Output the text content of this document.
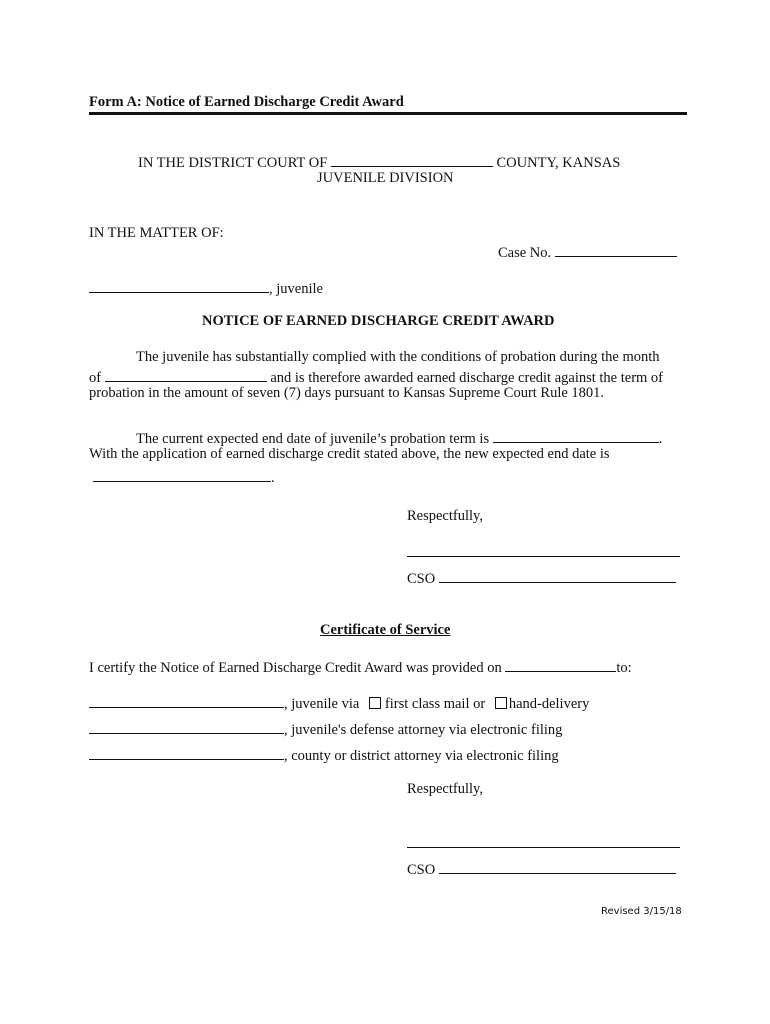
Form A: Notice of Earned Discharge Credit Award
IN THE DISTRICT COURT OF	COUNTY, KANSAS
JUVENILE DIVISION
IN THE MATTER OF:
Case No.
, juvenile
NOTICE OF EARNED DISCHARGE CREDIT AWARD
The juvenile has substantially complied with the conditions of probation during the month
of	and is therefore awarded earned discharge credit against the term of
probation in the amount of seven (7) days pursuant to Kansas Supreme Court Rule 1801.
The current expected end date of juvenile’s probation term is	.
With the application of earned discharge credit stated above, the new expected end date is
.
Respectfully,
CSO
Certificate of Service
I certify the Notice of Earned Discharge Credit Award was provided on	to:
, juvenile via first class mail or hand-delivery
, juvenile's defense attorney via electronic filing
, county or district attorney via electronic filing
Respectfully,
CSO
Revised 3/15/18
